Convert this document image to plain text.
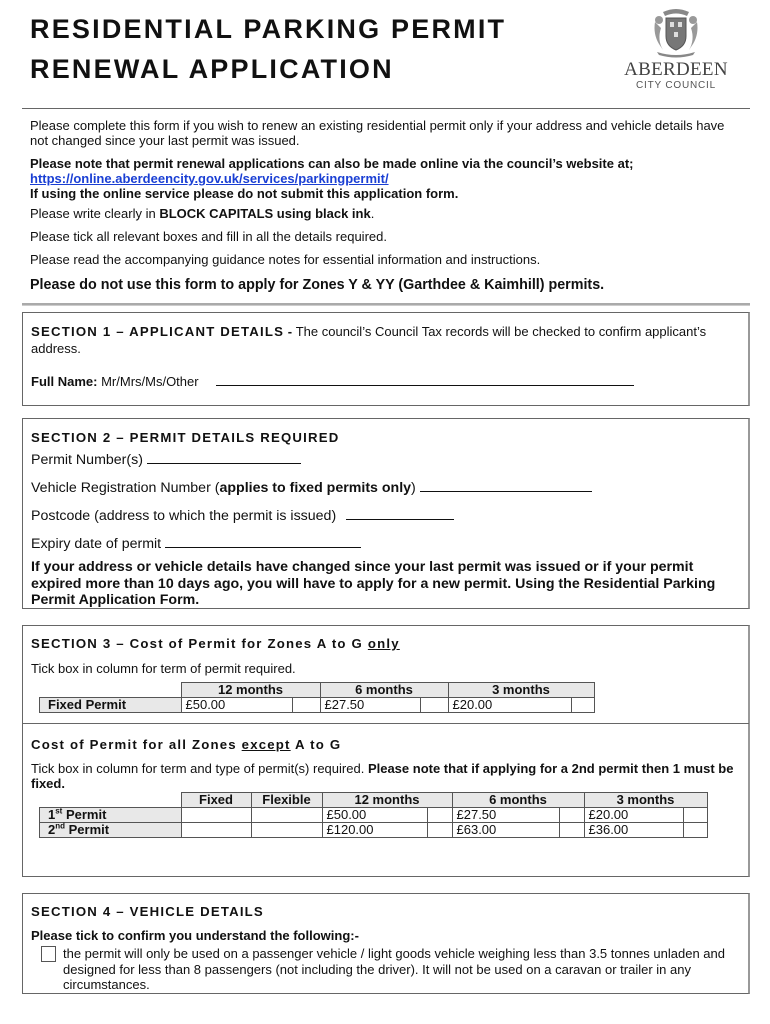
RESIDENTIAL PARKING PERMIT
RENEWAL APPLICATION	ABERDEEN
CITY COUNCIL
Please complete this form if you wish to renew an existing residential permit only if your address and vehicle details have not changed since your last permit was issued.
Please note that permit renewal applications can also be made online via the council’s website at;
https://online.aberdeencity.gov.uk/services/parkingpermit/
If using the online service please do not submit this application form.
Please write clearly in BLOCK CAPITALS using black ink.
Please tick all relevant boxes and fill in all the details required.
Please read the accompanying guidance notes for essential information and instructions.
Please do not use this form to apply for Zones Y & YY (Garthdee & Kaimhill) permits.
SECTION 1 – APPLICANT DETAILS - The council’s Council Tax records will be checked to confirm applicant’s address.
Full Name: Mr/Mrs/Ms/Other
SECTION 2 – PERMIT DETAILS REQUIRED
Permit Number(s)
Vehicle Registration Number (applies to fixed permits only)
Postcode (address to which the permit is issued)
Expiry date of permit
If your address or vehicle details have changed since your last permit was issued or if your permit expired more than 10 days ago, you will have to apply for a new permit. Using the Residential Parking Permit Application Form.
SECTION 3 – Cost of Permit for Zones A to G only
Tick box in column for term of permit required.
	12 months		6 months		3 months	
Fixed Permit	£50.00		£27.50		£20.00	
Cost of Permit for all Zones except A to G
Tick box in column for term and type of permit(s) required. Please note that if applying for a 2nd permit then 1 must be fixed.
	Fixed	Flexible	12 months		6 months		3 months	
1st Permit			£50.00		£27.50		£20.00	
2nd Permit			£120.00		£63.00		£36.00	
SECTION 4 – VEHICLE DETAILS
Please tick to confirm you understand the following:-
the permit will only be used on a passenger vehicle / light goods vehicle weighing less than 3.5 tonnes unladen and designed for less than 8 passengers (not including the driver). It will not be used on a caravan or trailer in any circumstances.
